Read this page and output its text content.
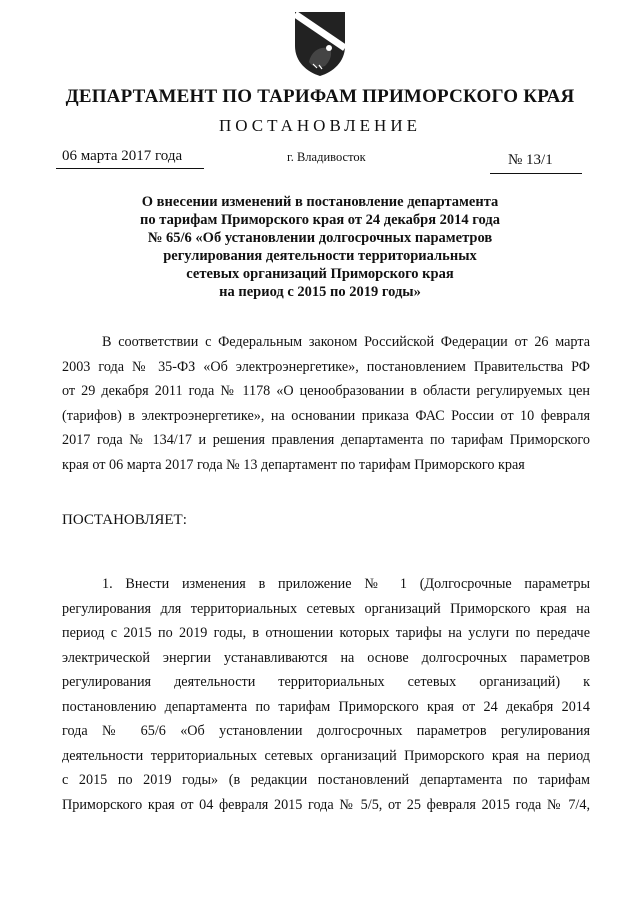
ДЕПАРТАМЕНТ ПО ТАРИФАМ ПРИМОРСКОГО КРАЯ
ПОСТАНОВЛЕНИЕ
06 марта 2017 года	г. Владивосток	№ 13/1
О внесении изменений в постановление департамента
по тарифам Приморского края от 24 декабря 2014 года
№ 65/6 «Об установлении долгосрочных параметров
регулирования деятельности территориальных
сетевых организаций Приморского края
на период с 2015 по 2019 годы»
В соответствии с Федеральным законом Российской Федерации от 26 марта
2003 года № 35-ФЗ «Об электроэнергетике», постановлением Правительства РФ
от 29 декабря 2011 года № 1178 «О ценообразовании в области регулируемых цен
(тарифов) в электроэнергетике», на основании приказа ФАС России от 10 февраля
2017 года № 134/17 и решения правления департамента по тарифам Приморского
края от 06 марта 2017 года № 13 департамент по тарифам Приморского края
ПОСТАНОВЛЯЕТ:
1. Внести изменения в приложение № 1 (Долгосрочные параметры
регулирования для территориальных сетевых организаций Приморского края на
период с 2015 по 2019 годы, в отношении которых тарифы на услуги по передаче
электрической энергии устанавливаются на основе долгосрочных параметров
регулирования деятельности территориальных сетевых организаций) к
постановлению департамента по тарифам Приморского края от 24 декабря 2014
года № 65/6 «Об установлении долгосрочных параметров регулирования
деятельности территориальных сетевых организаций Приморского края на период
с 2015 по 2019 годы» (в редакции постановлений департамента по тарифам
Приморского края от 04 февраля 2015 года № 5/5, от 25 февраля 2015 года № 7/4,
